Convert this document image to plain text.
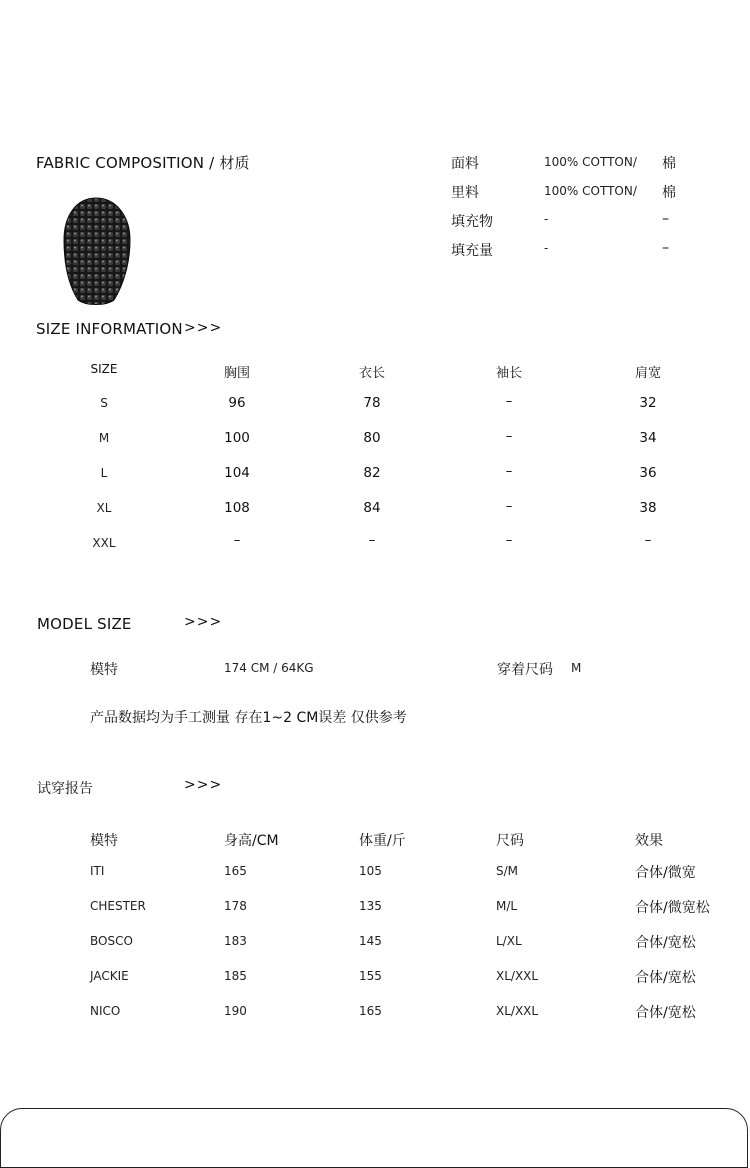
FABRIC COMPOSITION / 材质	面料	100% COTTON/ 棉
里料	100% COTTON/ 棉
填充物	-	–
填充量	-	–
SIZE INFORMATION >>>
SIZE	胸围	衣长	袖长	肩宽
S	96	78	–	32
M	100	80	–	34
L	104	82	–	36
XL	108	84	–	38
XXL	–	–	–	–
MODEL SIZE	>>>
模特	174 CM / 64KG	穿着尺码 M
产品数据均为手工测量 存在1~2 CM误差 仅供参考
试穿报告	>>>
模特	身高/CM	体重/斤	尺码	效果
ITI	165	105	S/M	合体/微宽
CHESTER	178	135	M/L	合体/微宽松
BOSCO	183	145	L/XL	合体/宽松
JACKIE	185	155	XL/XXL	合体/宽松
NICO	190	165	XL/XXL	合体/宽松
